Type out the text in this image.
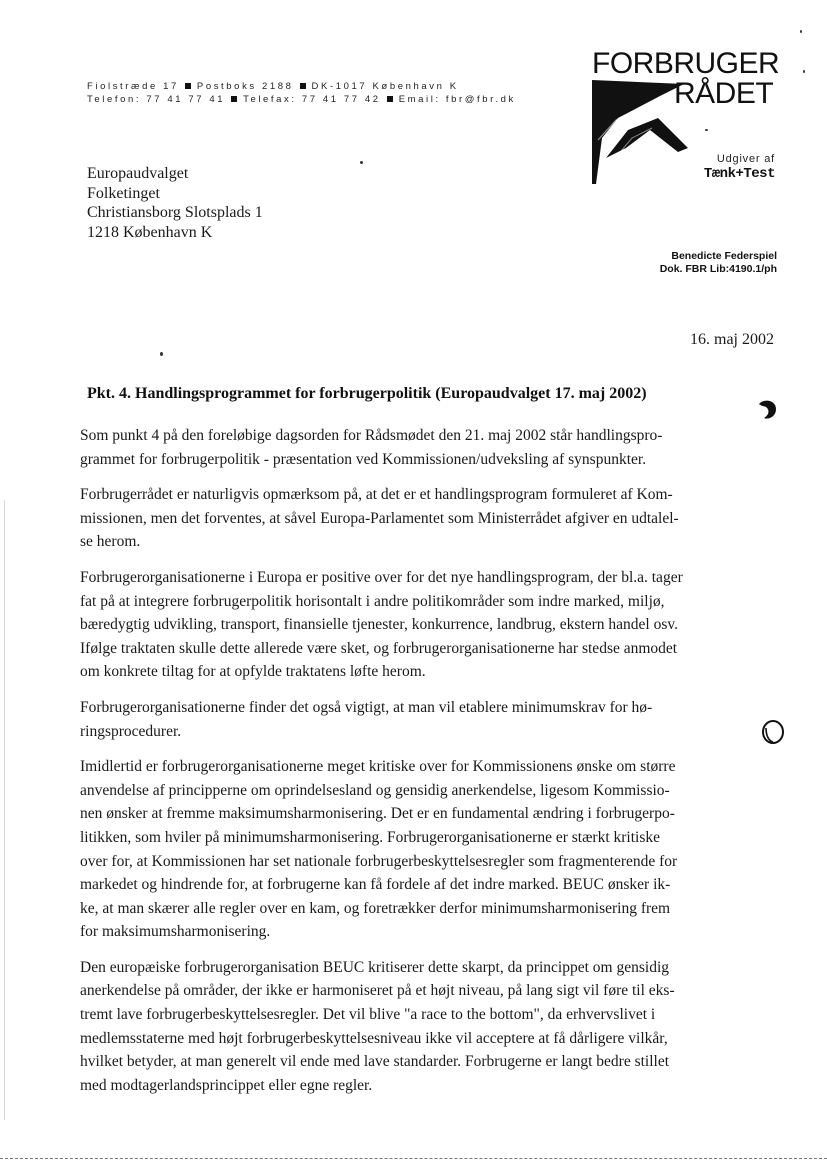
Fiolstræde 17 Postboks 2188 DK-1017 København K
Telefon: 77 41 77 41 Telefax: 77 41 77 42 Email: fbr@fbr.dk
FORBRUGER
RÅDET
Udgiver af
Tænk+Test
Europaudvalget
Folketinget
Christiansborg Slotsplads 1
1218 København K
Benedicte Federspiel
Dok. FBR Lib:4190.1/ph
16. maj 2002
Pkt. 4. Handlingsprogrammet for forbrugerpolitik (Europaudvalget 17. maj 2002)

Som punkt 4 på den foreløbige dagsorden for Rådsmødet den 21. maj 2002 står handlingspro-
grammet for forbrugerpolitik - præsentation ved Kommissionen/udveksling af synspunkter.

Forbrugerrådet er naturligvis opmærksom på, at det er et handlingsprogram formuleret af Kom-
missionen, men det forventes, at såvel Europa-Parlamentet som Ministerrådet afgiver en udtalel-
se herom.

Forbrugerorganisationerne i Europa er positive over for det nye handlingsprogram, der bl.a. tager
fat på at integrere forbrugerpolitik horisontalt i andre politikområder som indre marked, miljø,
bæredygtig udvikling, transport, finansielle tjenester, konkurrence, landbrug, ekstern handel osv.
Ifølge traktaten skulle dette allerede være sket, og forbrugerorganisationerne har stedse anmodet
om konkrete tiltag for at opfylde traktatens løfte herom.

Forbrugerorganisationerne finder det også vigtigt, at man vil etablere minimumskrav for hø-
ringsprocedurer.

Imidlertid er forbrugerorganisationerne meget kritiske over for Kommissionens ønske om større
anvendelse af principperne om oprindelsesland og gensidig anerkendelse, ligesom Kommissio-
nen ønsker at fremme maksimumsharmonisering. Det er en fundamental ændring i forbrugerpo-
litikken, som hviler på minimumsharmonisering. Forbrugerorganisationerne er stærkt kritiske
over for, at Kommissionen har set nationale forbrugerbeskyttelsesregler som fragmenterende for
markedet og hindrende for, at forbrugerne kan få fordele af det indre marked. BEUC ønsker ik-
ke, at man skærer alle regler over en kam, og foretrækker derfor minimumsharmonisering frem
for maksimumsharmonisering.

Den europæiske forbrugerorganisation BEUC kritiserer dette skarpt, da princippet om gensidig
anerkendelse på områder, der ikke er harmoniseret på et højt niveau, på lang sigt vil føre til eks-
tremt lave forbrugerbeskyttelsesregler. Det vil blive "a race to the bottom", da erhvervslivet i
medlemsstaterne med højt forbrugerbeskyttelsesniveau ikke vil acceptere at få dårligere vilkår,
hvilket betyder, at man generelt vil ende med lave standarder. Forbrugerne er langt bedre stillet
med modtagerlandsprincippet eller egne regler.
